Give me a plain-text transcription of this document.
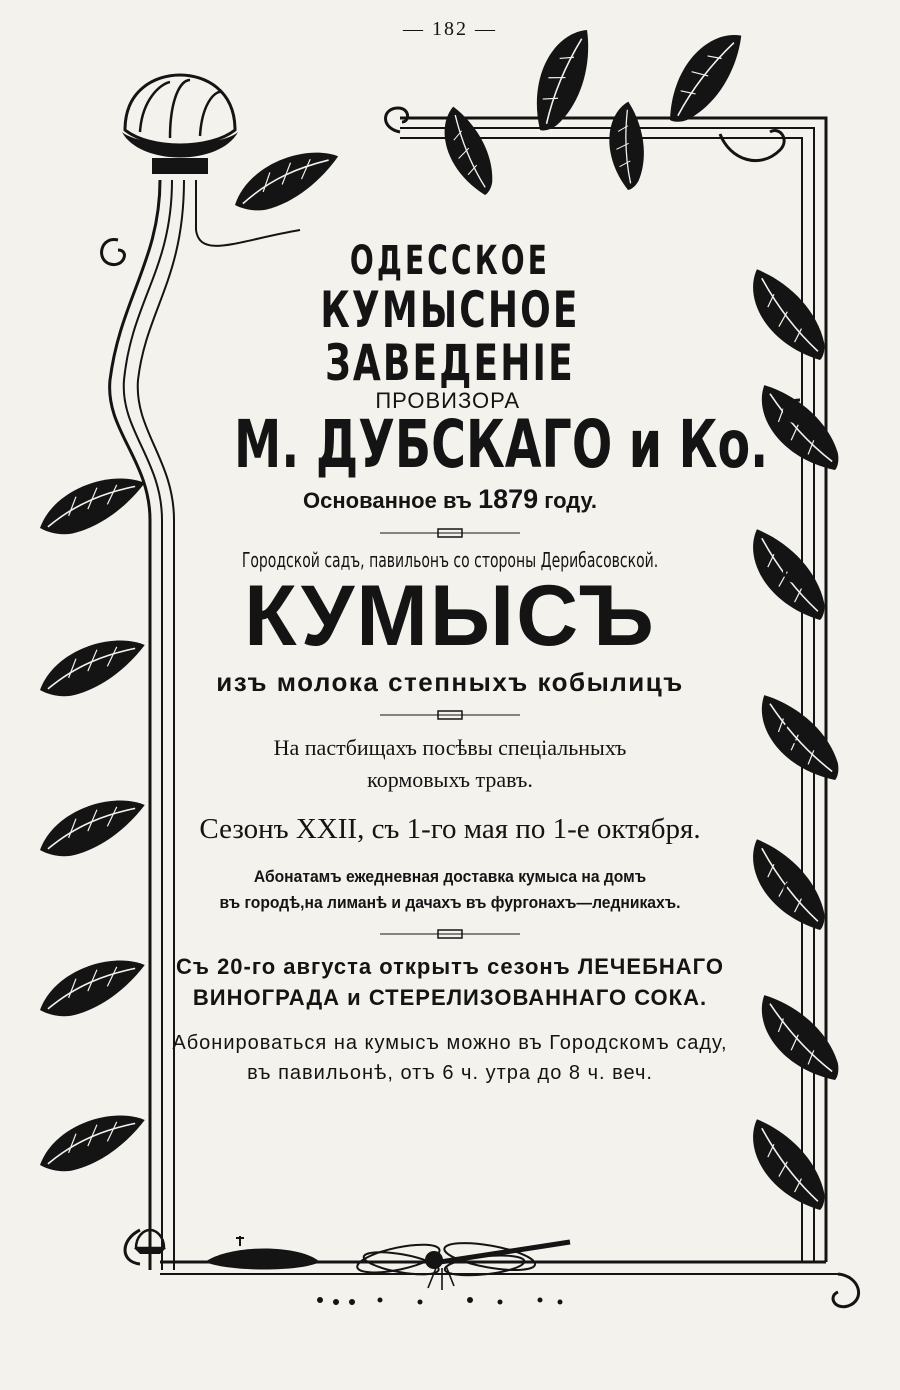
— 182 —
ОДЕССКОЕ
КУМЫСНОЕ ЗАВЕДЕНІЕ
ПРОВИЗОРА
М. ДУБСКАГО и Ко.
Основанное въ 1879 году.
Городской садъ, павильонъ со стороны Дерибасовской.
КУМЫСЪ
изъ молока степныхъ кобылицъ
На пастбищахъ посѣвы спеціальныхъ
кормовыхъ травъ.
Сезонъ XXII, съ 1-го мая по 1-е октября.
Абонатамъ ежедневная доставка кумыса на домъ
въ городѣ,на лиманѣ и дачахъ въ фургонахъ—ледникахъ.
Съ 20-го августа открытъ сезонъ ЛЕЧЕБНАГО
ВИНОГРАДА и СТЕРЕЛИЗОВАННАГО СОКА.
Абонироваться на кумысъ можно въ Городскомъ саду,
въ павильонѣ, отъ 6 ч. утра до 8 ч. веч.
